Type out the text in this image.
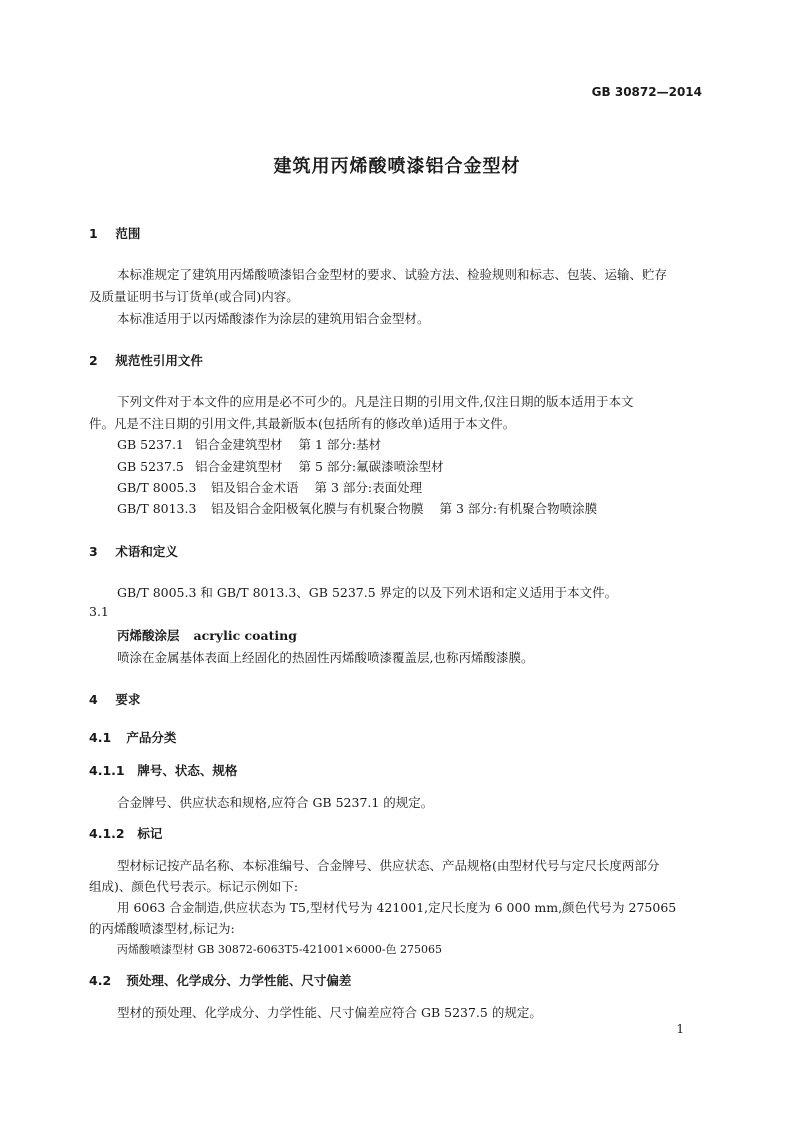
GB 30872—2014
建筑用丙烯酸喷漆铝合金型材
1 范围
本标准规定了建筑用丙烯酸喷漆铝合金型材的要求、试验方法、检验规则和标志、包装、运输、贮存
及质量证明书与订货单(或合同)内容。
本标准适用于以丙烯酸漆作为涂层的建筑用铝合金型材。
2 规范性引用文件
下列文件对于本文件的应用是必不可少的。凡是注日期的引用文件,仅注日期的版本适用于本文
件。凡是不注日期的引用文件,其最新版本(包括所有的修改单)适用于本文件。
GB 5237.1 铝合金建筑型材 第 1 部分:基材
GB 5237.5 铝合金建筑型材 第 5 部分:氟碳漆喷涂型材
GB/T 8005.3 铝及铝合金术语 第 3 部分:表面处理
GB/T 8013.3 铝及铝合金阳极氧化膜与有机聚合物膜 第 3 部分:有机聚合物喷涂膜
3 术语和定义
GB/T 8005.3 和 GB/T 8013.3、GB 5237.5 界定的以及下列术语和定义适用于本文件。
3.1
丙烯酸涂层 acrylic coating
喷涂在金属基体表面上经固化的热固性丙烯酸喷漆覆盖层,也称丙烯酸漆膜。
4 要求
4.1 产品分类
4.1.1 牌号、状态、规格
合金牌号、供应状态和规格,应符合 GB 5237.1 的规定。
4.1.2 标记
型材标记按产品名称、本标准编号、合金牌号、供应状态、产品规格(由型材代号与定尺长度两部分
组成)、颜色代号表示。标记示例如下:
用 6063 合金制造,供应状态为 T5,型材代号为 421001,定尺长度为 6 000 mm,颜色代号为 275065
的丙烯酸喷漆型材,标记为:
丙烯酸喷漆型材 GB 30872-6063T5-421001×6000-色 275065
4.2 预处理、化学成分、力学性能、尺寸偏差
型材的预处理、化学成分、力学性能、尺寸偏差应符合 GB 5237.5 的规定。
1
